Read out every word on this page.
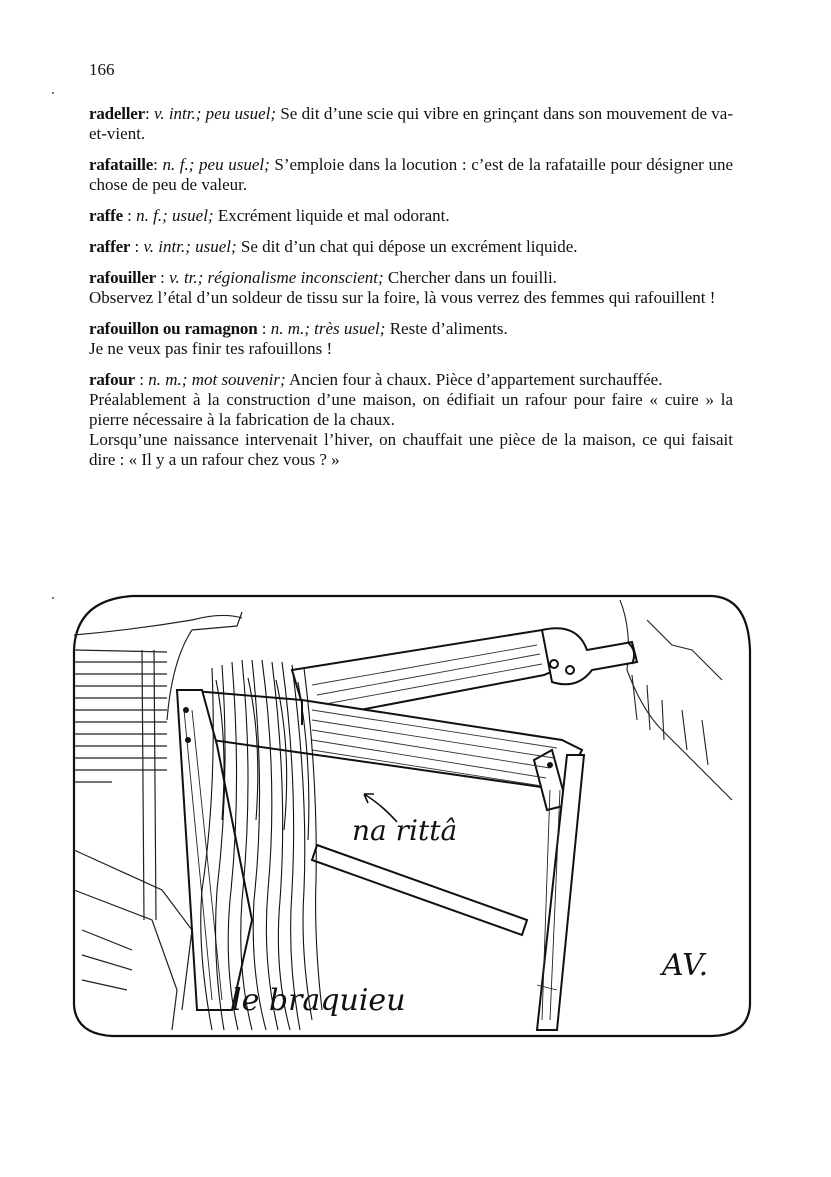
166
radeller: v. intr.; peu usuel; Se dit d’une scie qui vibre en grinçant dans son mouvement de va-et-vient.
rafataille: n. f.; peu usuel; S’emploie dans la locution : c’est de la rafataille pour désigner une chose de peu de valeur.
raffe : n. f.; usuel; Excrément liquide et mal odorant.
raffer : v. intr.; usuel; Se dit d’un chat qui dépose un excrément liquide.

rafouiller : v. tr.; régionalisme inconscient; Chercher dans un fouilli.

Observez l’étal d’un soldeur de tissu sur la foire, là vous verrez des femmes qui rafouillent !

rafouillon ou ramagnon : n. m.; très usuel; Reste d’aliments.

Je ne veux pas finir tes rafouillons !

rafour : n. m.; mot souvenir; Ancien four à chaux. Pièce d’appartement surchauffée.

Préalablement à la construction d’une maison, on édifiait un rafour pour faire « cuire » la pierre nécessaire à la fabrication de la chaux.

Lorsqu’une naissance intervenait l’hiver, on chauffait une pièce de la maison, ce qui faisait dire : « Il y a un rafour chez vous ? »

na rittâ
le braquieu
AV.
